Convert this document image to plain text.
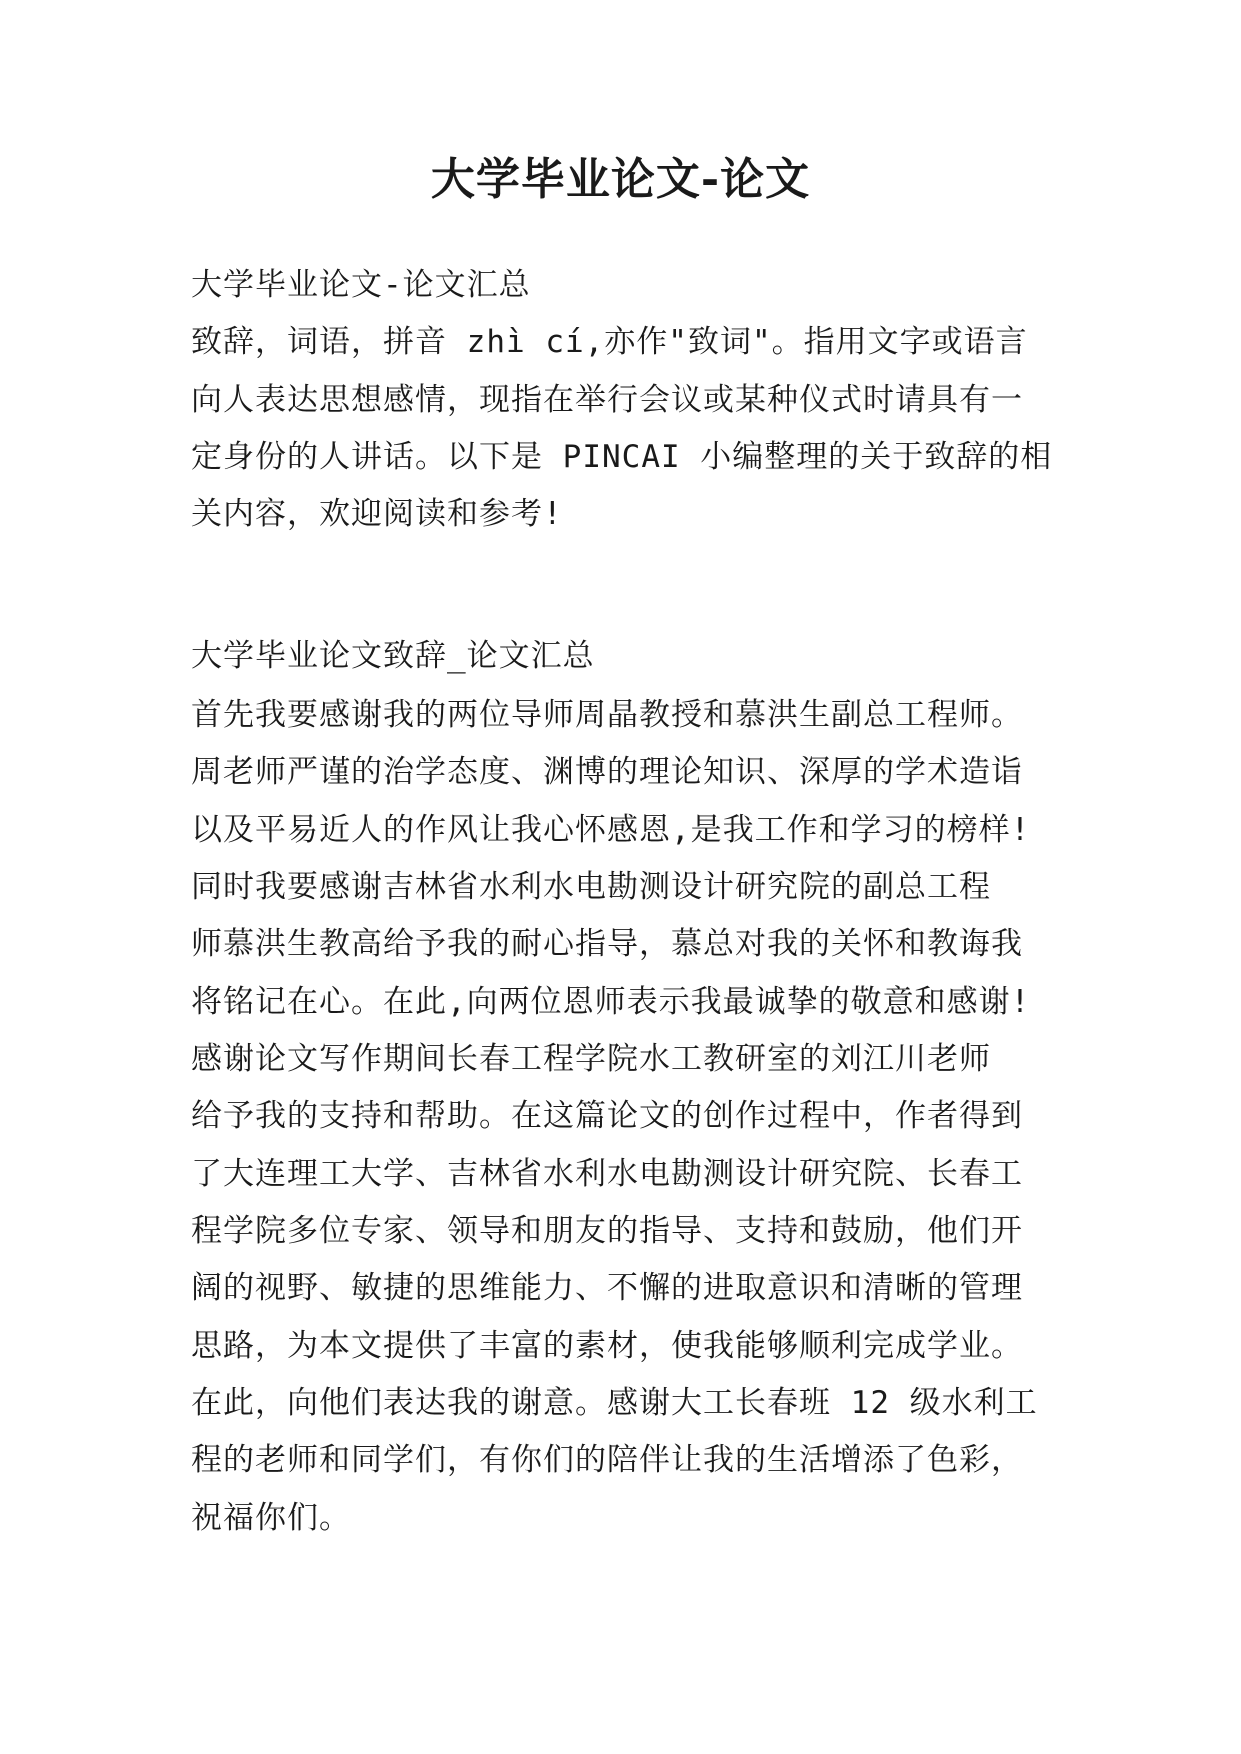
大学毕业论文-论文
大学毕业论文-论文汇总
致辞，词语，拼音 zhì cí,亦作"致词"。指用文字或语言
向人表达思想感情，现指在举行会议或某种仪式时请具有一
定身份的人讲话。以下是 PINCAI 小编整理的关于致辞的相
关内容，欢迎阅读和参考!
大学毕业论文致辞_论文汇总
首先我要感谢我的两位导师周晶教授和慕洪生副总工程师。
周老师严谨的治学态度、渊博的理论知识、深厚的学术造诣
以及平易近人的作风让我心怀感恩,是我工作和学习的榜样!
同时我要感谢吉林省水利水电勘测设计研究院的副总工程
师慕洪生教高给予我的耐心指导，慕总对我的关怀和教诲我
将铭记在心。在此,向两位恩师表示我最诚挚的敬意和感谢!
感谢论文写作期间长春工程学院水工教研室的刘江川老师
给予我的支持和帮助。在这篇论文的创作过程中，作者得到
了大连理工大学、吉林省水利水电勘测设计研究院、长春工
程学院多位专家、领导和朋友的指导、支持和鼓励，他们开
阔的视野、敏捷的思维能力、不懈的进取意识和清晰的管理
思路，为本文提供了丰富的素材，使我能够顺利完成学业。
在此，向他们表达我的谢意。感谢大工长春班 12 级水利工
程的老师和同学们，有你们的陪伴让我的生活增添了色彩，
祝福你们。
